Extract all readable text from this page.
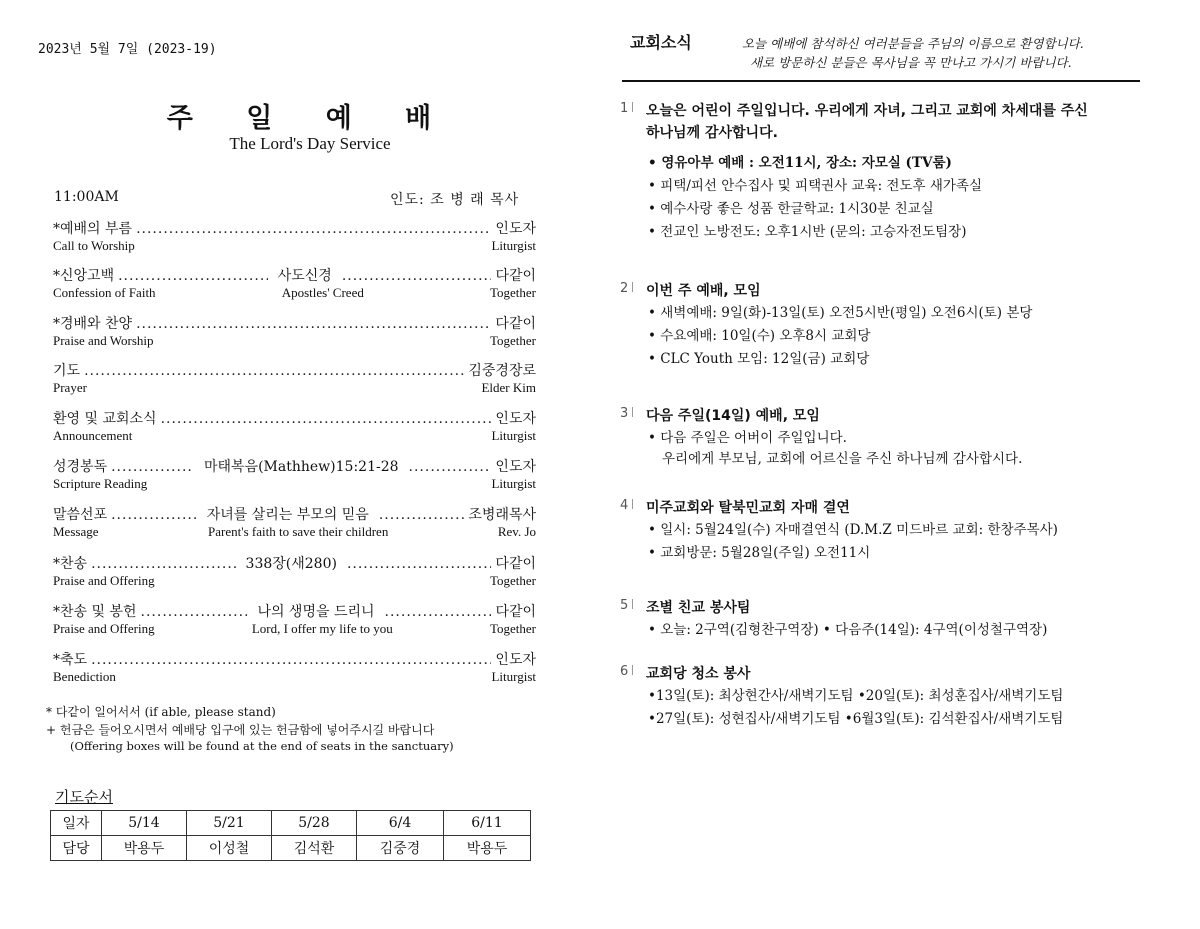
2023년 5월 7일 (2023-19)
주 일 예 배
The Lord's Day Service
11:00AM	인도: 조 병 래 목사
*예배의 부름 .....	인도자
Call to Worship	Liturgist
*신앙고백 .....	사도신경 .....	다같이
Confession of Faith	Apostles' Creed	Together
*경배와 찬양 .....	다같이
Praise and Worship	Together
기도 .....	김중경장로
Prayer	Elder Kim
환영 및 교회소식 .....	인도자
Announcement	Liturgist
성경봉독 .....	마태복음(Mathhew)15:21-28 .....	인도자
Scripture Reading	Liturgist
말씀선포 .....	자녀를 살리는 부모의 믿음 .....	조병래목사
Message	Parent's faith to save their children	Rev. Jo
*찬송 .....	338장(새280) .....	다같이
Praise and Offering	Together
*찬송 및 봉헌 .....	나의 생명을 드리니 .....	다같이
Praise and Offering	Lord, I offer my life to you	Together
*축도 .....	인도자
Benediction	Liturgist
* 다같이 일어서서 (if able, please stand)
+ 헌금은 들어오시면서 예배당 입구에 있는 헌금함에 넣어주시길 바랍니다
(Offering boxes will be found at the end of seats in the sanctuary)
기도순서
일자	5/14	5/21	5/28	6/4	6/11
담당	박용두	이성철	김석환	김중경	박용두
교회소식	오늘 예배에 참석하신 여러분들을 주님의 이름으로 환영합니다.
새로 방문하신 분들은 목사님을 꼭 만나고 가시기 바랍니다.
1	오늘은 어린이 주일입니다. 우리에게 자녀, 그리고 교회에 차세대를 주신
하나님께 감사합니다.
• 영유아부 예배 : 오전11시, 장소: 자모실 (TV룸)
• 피택/피선 안수집사 및 피택권사 교육: 전도후 새가족실
• 예수사랑 좋은 성품 한글학교: 1시30분 친교실
• 전교인 노방전도: 오후1시반 (문의: 고승자전도팀장)
2	이번 주 예배, 모임
• 새벽예배: 9일(화)-13일(토) 오전5시반(평일) 오전6시(토) 본당
• 수요예배: 10일(수) 오후8시 교회당
• CLC Youth 모임: 12일(금) 교회당
3	다음 주일(14일) 예배, 모임
• 다음 주일은 어버이 주일입니다.
우리에게 부모님, 교회에 어르신을 주신 하나님께 감사합시다.
4	미주교회와 탈북민교회 자매 결연
• 일시: 5월24일(수) 자매결연식 (D.M.Z 미드바르 교회: 한창주목사)
• 교회방문: 5월28일(주일) 오전11시
5	조별 친교 봉사팀
• 오늘: 2구역(김형찬구역장) • 다음주(14일): 4구역(이성철구역장)
6	교회당 청소 봉사
•13일(토): 최상현간사/새벽기도팀 •20일(토): 최성훈집사/새벽기도팀
•27일(토): 성현집사/새벽기도팀 •6월3일(토): 김석환집사/새벽기도팀
